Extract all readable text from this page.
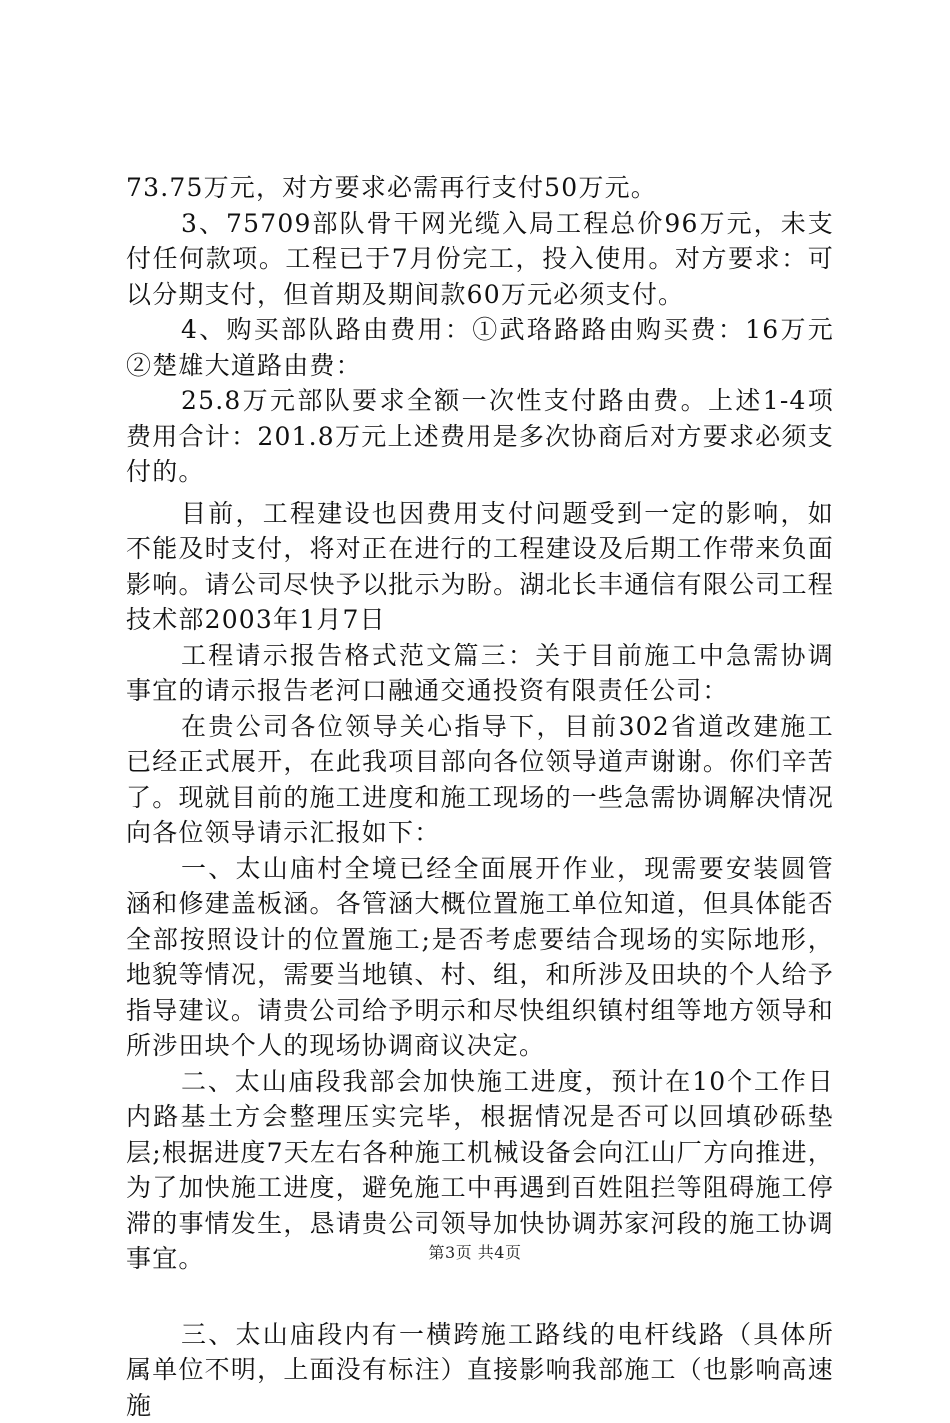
73.75万元，对方要求必需再行支付50万元。

3、75709部队骨干网光缆入局工程总价96万元，未支付任何款项。工程已于7月份完工，投入使用。对方要求：可以分期支付，但首期及期间款60万元必须支付。

4、购买部队路由费用：①武珞路路由购买费：16万元②楚雄大道路由费：

25.8万元部队要求全额一次性支付路由费。上述1-4项费用合计：201.8万元上述费用是多次协商后对方要求必须支付的。

目前，工程建设也因费用支付问题受到一定的影响，如不能及时支付，将对正在进行的工程建设及后期工作带来负面影响。请公司尽快予以批示为盼。湖北长丰通信有限公司工程技术部2003年1月7日

工程请示报告格式范文篇三：关于目前施工中急需协调事宜的请示报告老河口融通交通投资有限责任公司：

在贵公司各位领导关心指导下，目前302省道改建施工已经正式展开，在此我项目部向各位领导道声谢谢。你们辛苦了。现就目前的施工进度和施工现场的一些急需协调解决情况向各位领导请示汇报如下：

一、太山庙村全境已经全面展开作业，现需要安装圆管涵和修建盖板涵。各管涵大概位置施工单位知道，但具体能否全部按照设计的位置施工;是否考虑要结合现场的实际地形，地貌等情况，需要当地镇、村、组，和所涉及田块的个人给予指导建议。请贵公司给予明示和尽快组织镇村组等地方领导和所涉田块个人的现场协调商议决定。

二、太山庙段我部会加快施工进度，预计在10个工作日内路基土方会整理压实完毕，根据情况是否可以回填砂砾垫层;根据进度7天左右各种施工机械设备会向江山厂方向推进，为了加快施工进度，避免施工中再遇到百姓阻拦等阻碍施工停滞的事情发生，恳请贵公司领导加快协调苏家河段的施工协调事宜。

三、太山庙段内有一横跨施工路线的电杆线路（具体所属单位不明，上面没有标注）直接影响我部施工（也影响高速施

第3页 共4页
